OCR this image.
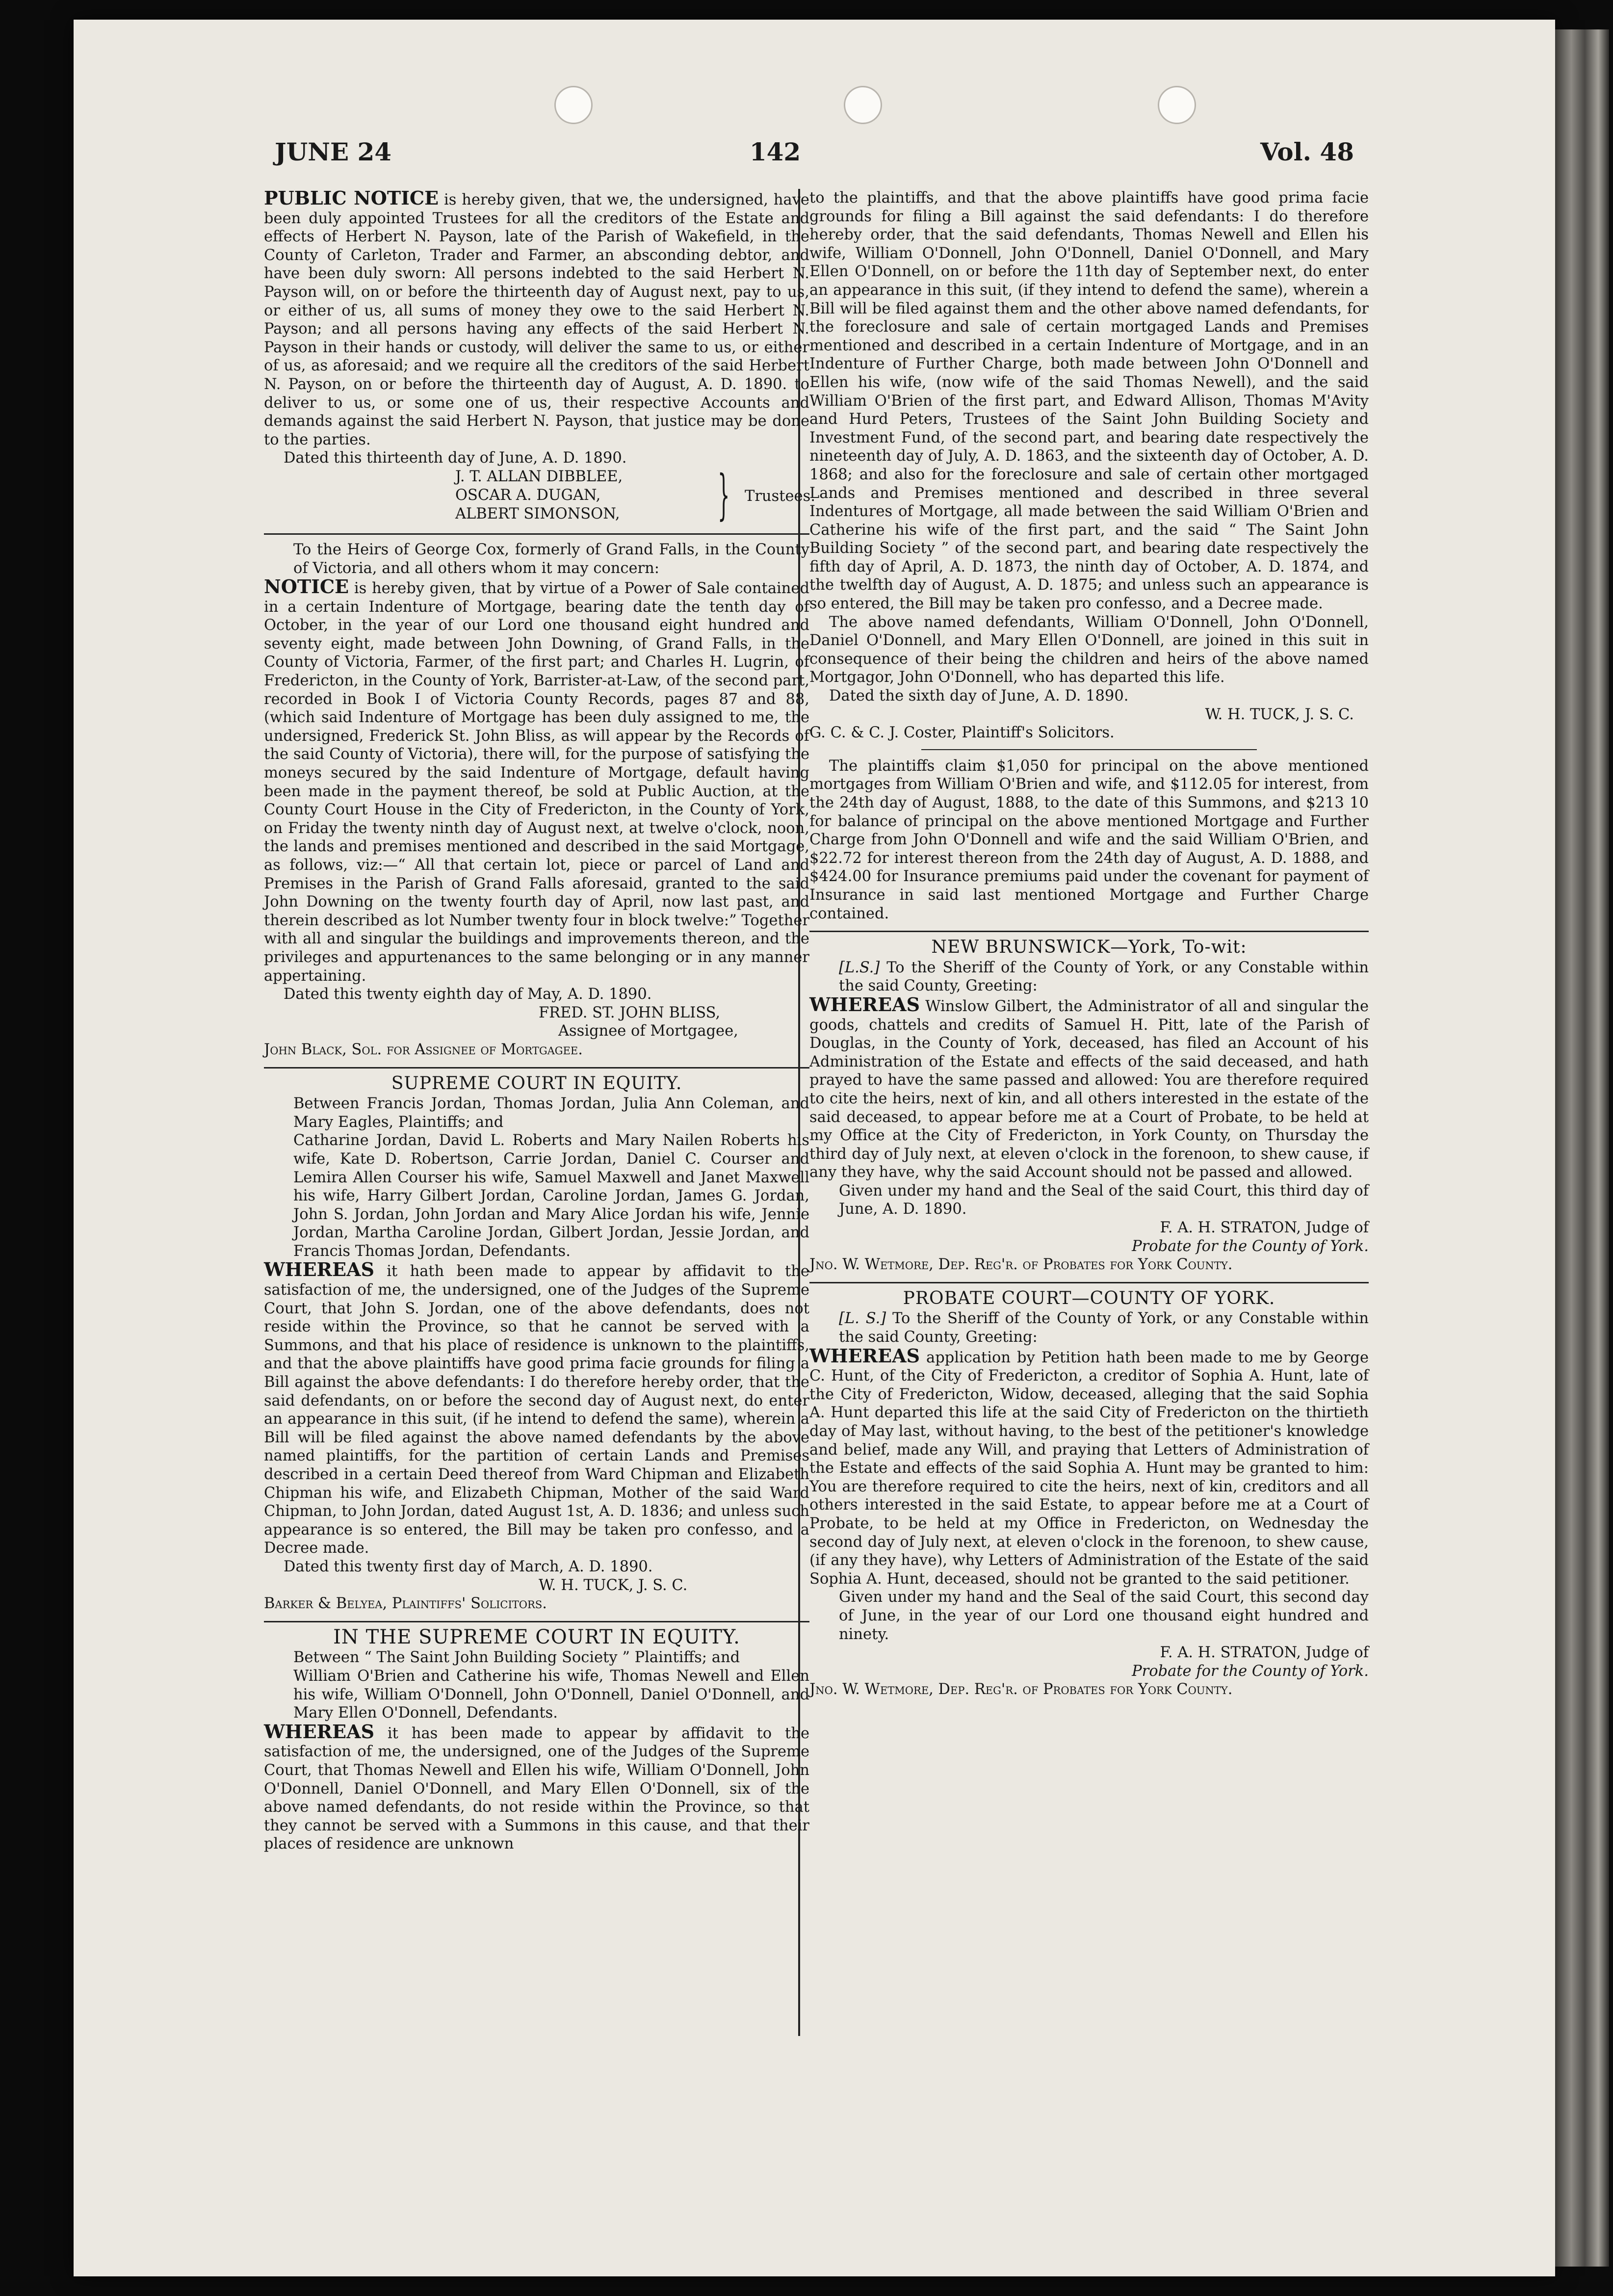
JUNE 24	142	Vol. 48

PUBLIC NOTICE is hereby given, that we, the undersigned, have been duly appointed Trustees for all the creditors of the Estate and effects of Herbert N. Payson, late of the Parish of Wakefield, in the County of Carleton, Trader and Farmer, an absconding debtor, and have been duly sworn: All persons indebted to the said Herbert N. Payson will, on or before the thirteenth day of August next, pay to us, or either of us, all sums of money they owe to the said Herbert N. Payson; and all persons having any effects of the said Herbert N. Payson in their hands or custody, will deliver the same to us, or either of us, as aforesaid; and we require all the creditors of the said Herbert N. Payson, on or before the thirteenth day of August, A. D. 1890. to deliver to us, or some one of us, their respective Accounts and demands against the said Herbert N. Payson, that justice may be done to the parties.

Dated this thirteenth day of June, A. D. 1890.

J. T. ALLAN DIBBLEE,
OSCAR A. DUGAN,
ALBERT SIMONSON, } Trustees.

To the Heirs of George Cox, formerly of Grand Falls, in the County of Victoria, and all others whom it may concern:

NOTICE is hereby given, that by virtue of a Power of Sale contained in a certain Indenture of Mortgage, bearing date the tenth day of October, in the year of our Lord one thousand eight hundred and seventy eight, made between John Downing, of Grand Falls, in the County of Victoria, Farmer, of the first part; and Charles H. Lugrin, of Fredericton, in the County of York, Barrister-at-Law, of the second part, recorded in Book I of Victoria County Records, pages 87 and 88, (which said Indenture of Mortgage has been duly assigned to me, the undersigned, Frederick St. John Bliss, as will appear by the Records of the said County of Victoria), there will, for the purpose of satisfying the moneys secured by the said Indenture of Mortgage, default having been made in the payment thereof, be sold at Public Auction, at the County Court House in the City of Fredericton, in the County of York, on Friday the twenty ninth day of August next, at twelve o'clock, noon, the lands and premises mentioned and described in the said Mortgage, as follows, viz:—“ All that certain lot, piece or parcel of Land and Premises in the Parish of Grand Falls aforesaid, granted to the said John Downing on the twenty fourth day of April, now last past, and therein described as lot Number twenty four in block twelve:” Together with all and singular the buildings and improvements thereon, and the privileges and appurtenances to the same belonging or in any manner appertaining.

Dated this twenty eighth day of May, A. D. 1890.

FRED. ST. JOHN BLISS,

Assignee of Mortgagee,

John Black, Sol. for Assignee of Mortgagee.

SUPREME COURT IN EQUITY.

Between Francis Jordan, Thomas Jordan, Julia Ann Coleman, and Mary Eagles, Plaintiffs; and

Catharine Jordan, David L. Roberts and Mary Nailen Roberts his wife, Kate D. Robertson, Carrie Jordan, Daniel C. Courser and Lemira Allen Courser his wife, Samuel Maxwell and Janet Maxwell his wife, Harry Gilbert Jordan, Caroline Jordan, James G. Jordan, John S. Jordan, John Jordan and Mary Alice Jordan his wife, Jennie Jordan, Martha Caroline Jordan, Gilbert Jordan, Jessie Jordan, and Francis Thomas Jordan, Defendants.

WHEREAS it hath been made to appear by affidavit to the satisfaction of me, the undersigned, one of the Judges of the Supreme Court, that John S. Jordan, one of the above defendants, does not reside within the Province, so that he cannot be served with a Summons, and that his place of residence is unknown to the plaintiffs, and that the above plaintiffs have good prima facie grounds for filing a Bill against the above defendants: I do therefore hereby order, that the said defendants, on or before the second day of August next, do enter an appearance in this suit, (if he intend to defend the same), wherein a Bill will be filed against the above named defendants by the above named plaintiffs, for the partition of certain Lands and Premises described in a certain Deed thereof from Ward Chipman and Elizabeth Chipman his wife, and Elizabeth Chipman, Mother of the said Ward Chipman, to John Jordan, dated August 1st, A. D. 1836; and unless such appearance is so entered, the Bill may be taken pro confesso, and a Decree made.

Dated this twenty first day of March, A. D. 1890.

W. H. TUCK, J. S. C.

Barker & Belyea, Plaintiffs' Solicitors.

IN THE SUPREME COURT IN EQUITY.

Between “ The Saint John Building Society ” Plaintiffs; and

William O'Brien and Catherine his wife, Thomas Newell and Ellen his wife, William O'Donnell, John O'Donnell, Daniel O'Donnell, and Mary Ellen O'Donnell, Defendants.

WHEREAS it has been made to appear by affidavit to the satisfaction of me, the undersigned, one of the Judges of the Supreme Court, that Thomas Newell and Ellen his wife, William O'Donnell, John O'Donnell, Daniel O'Donnell, and Mary Ellen O'Donnell, six of the above named defendants, do not reside within the Province, so that they cannot be served with a Summons in this cause, and that their places of residence are unknown

to the plaintiffs, and that the above plaintiffs have good prima facie grounds for filing a Bill against the said defendants: I do therefore hereby order, that the said defendants, Thomas Newell and Ellen his wife, William O'Donnell, John O'Donnell, Daniel O'Donnell, and Mary Ellen O'Donnell, on or before the 11th day of September next, do enter an appearance in this suit, (if they intend to defend the same), wherein a Bill will be filed against them and the other above named defendants, for the foreclosure and sale of certain mortgaged Lands and Premises mentioned and described in a certain Indenture of Mortgage, and in an Indenture of Further Charge, both made between John O'Donnell and Ellen his wife, (now wife of the said Thomas Newell), and the said William O'Brien of the first part, and Edward Allison, Thomas M'Avity and Hurd Peters, Trustees of the Saint John Building Society and Investment Fund, of the second part, and bearing date respectively the nineteenth day of July, A. D. 1863, and the sixteenth day of October, A. D. 1868; and also for the foreclosure and sale of certain other mortgaged Lands and Premises mentioned and described in three several Indentures of Mortgage, all made between the said William O'Brien and Catherine his wife of the first part, and the said “ The Saint John Building Society ” of the second part, and bearing date respectively the fifth day of April, A. D. 1873, the ninth day of October, A. D. 1874, and the twelfth day of August, A. D. 1875; and unless such an appearance is so entered, the Bill may be taken pro confesso, and a Decree made.

The above named defendants, William O'Donnell, John O'Donnell, Daniel O'Donnell, and Mary Ellen O'Donnell, are joined in this suit in consequence of their being the children and heirs of the above named Mortgagor, John O'Donnell, who has departed this life.

Dated the sixth day of June, A. D. 1890.

W. H. TUCK, J. S. C.

G. C. & C. J. Coster, Plaintiff's Solicitors.

The plaintiffs claim $1,050 for principal on the above mentioned mortgages from William O'Brien and wife, and $112.05 for interest, from the 24th day of August, 1888, to the date of this Summons, and $213 10 for balance of principal on the above mentioned Mortgage and Further Charge from John O'Donnell and wife and the said William O'Brien, and $22.72 for interest thereon from the 24th day of August, A. D. 1888, and $424.00 for Insurance premiums paid under the covenant for payment of Insurance in said last mentioned Mortgage and Further Charge contained.

NEW BRUNSWICK—York, To-wit:

[L.S.] To the Sheriff of the County of York, or any Constable within the said County, Greeting:

WHEREAS Winslow Gilbert, the Administrator of all and singular the goods, chattels and credits of Samuel H. Pitt, late of the Parish of Douglas, in the County of York, deceased, has filed an Account of his Administration of the Estate and effects of the said deceased, and hath prayed to have the same passed and allowed: You are therefore required to cite the heirs, next of kin, and all others interested in the estate of the said deceased, to appear before me at a Court of Probate, to be held at my Office at the City of Fredericton, in York County, on Thursday the third day of July next, at eleven o'clock in the forenoon, to shew cause, if any they have, why the said Account should not be passed and allowed.

Given under my hand and the Seal of the said Court, this third day of June, A. D. 1890.

F. A. H. STRATON, Judge of

Probate for the County of York.

Jno. W. Wetmore, Dep. Reg'r. of Probates for York County.

PROBATE COURT—COUNTY OF YORK.

[L. S.] To the Sheriff of the County of York, or any Constable within the said County, Greeting:

WHEREAS application by Petition hath been made to me by George C. Hunt, of the City of Fredericton, a creditor of Sophia A. Hunt, late of the City of Fredericton, Widow, deceased, alleging that the said Sophia A. Hunt departed this life at the said City of Fredericton on the thirtieth day of May last, without having, to the best of the petitioner's knowledge and belief, made any Will, and praying that Letters of Administration of the Estate and effects of the said Sophia A. Hunt may be granted to him: You are therefore required to cite the heirs, next of kin, creditors and all others interested in the said Estate, to appear before me at a Court of Probate, to be held at my Office in Fredericton, on Wednesday the second day of July next, at eleven o'clock in the forenoon, to shew cause, (if any they have), why Letters of Administration of the Estate of the said Sophia A. Hunt, deceased, should not be granted to the said petitioner.

Given under my hand and the Seal of the said Court, this second day of June, in the year of our Lord one thousand eight hundred and ninety.

F. A. H. STRATON, Judge of

Probate for the County of York.

Jno. W. Wetmore, Dep. Reg'r. of Probates for York County.
